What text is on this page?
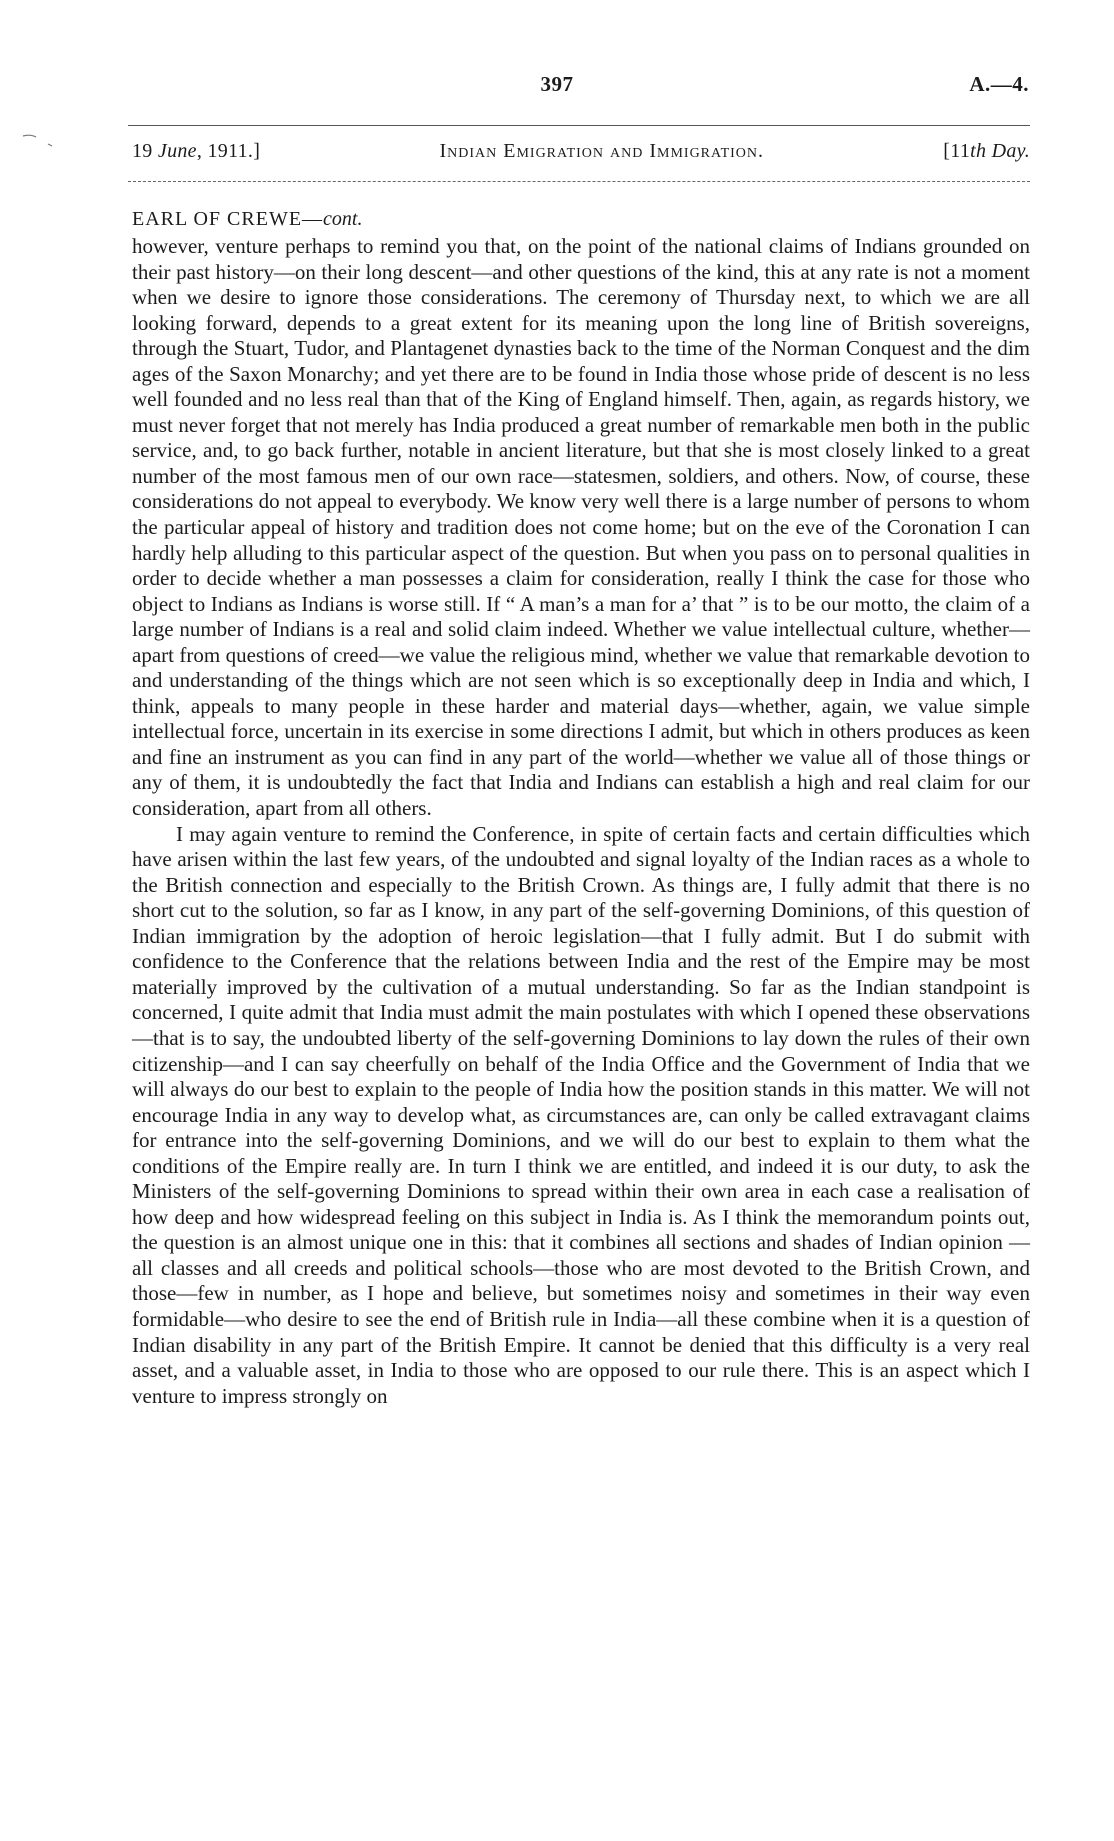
397	A.—4.
19 June, 1911.]	Indian Emigration and Immigration.	[11th Day.
EARL OF CREWE—cont.

however, venture perhaps to remind you that, on the point of the national claims of Indians grounded on their past history—on their long descent—and other questions of the kind, this at any rate is not a moment when we desire to ignore those considerations. The ceremony of Thursday next, to which we are all looking forward, depends to a great extent for its meaning upon the long line of British sovereigns, through the Stuart, Tudor, and Plantagenet dynasties back to the time of the Norman Conquest and the dim ages of the Saxon Monarchy; and yet there are to be found in India those whose pride of descent is no less well founded and no less real than that of the King of England himself. Then, again, as regards history, we must never forget that not merely has India produced a great number of remarkable men both in the public service, and, to go back further, notable in ancient literature, but that she is most closely linked to a great number of the most famous men of our own race—statesmen, soldiers, and others. Now, of course, these considerations do not appeal to everybody. We know very well there is a large number of persons to whom the particular appeal of history and tradition does not come home; but on the eve of the Coronation I can hardly help alluding to this particular aspect of the question. But when you pass on to personal qualities in order to decide whether a man possesses a claim for consideration, really I think the case for those who object to Indians as Indians is worse still. If “ A man’s a man for a’ that ” is to be our motto, the claim of a large number of Indians is a real and solid claim indeed. Whether we value intellectual culture, whether—apart from questions of creed—we value the religious mind, whether we value that remarkable devotion to and understanding of the things which are not seen which is so exceptionally deep in India and which, I think, appeals to many people in these harder and material days—whether, again, we value simple intellectual force, uncertain in its exercise in some directions I admit, but which in others produces as keen and fine an instrument as you can find in any part of the world—whether we value all of those things or any of them, it is undoubtedly the fact that India and Indians can establish a high and real claim for our consideration, apart from all others.

I may again venture to remind the Conference, in spite of certain facts and certain difficulties which have arisen within the last few years, of the undoubted and signal loyalty of the Indian races as a whole to the British connection and especially to the British Crown. As things are, I fully admit that there is no short cut to the solution, so far as I know, in any part of the self-governing Dominions, of this question of Indian immigration by the adoption of heroic legislation—that I fully admit. But I do submit with confidence to the Conference that the relations between India and the rest of the Empire may be most materially improved by the cultivation of a mutual understanding. So far as the Indian standpoint is concerned, I quite admit that India must admit the main postulates with which I opened these observations—that is to say, the undoubted liberty of the self-governing Dominions to lay down the rules of their own citizenship—and I can say cheerfully on behalf of the India Office and the Government of India that we will always do our best to explain to the people of India how the position stands in this matter. We will not encourage India in any way to develop what, as circumstances are, can only be called extravagant claims for entrance into the self-governing Dominions, and we will do our best to explain to them what the conditions of the Empire really are. In turn I think we are entitled, and indeed it is our duty, to ask the Ministers of the self-governing Dominions to spread within their own area in each case a realisation of how deep and how widespread feeling on this subject in India is. As I think the memorandum points out, the question is an almost unique one in this: that it combines all sections and shades of Indian opinion —all classes and all creeds and political schools—those who are most devoted to the British Crown, and those—few in number, as I hope and believe, but sometimes noisy and sometimes in their way even formidable—who desire to see the end of British rule in India—all these combine when it is a question of Indian disability in any part of the British Empire. It cannot be denied that this difficulty is a very real asset, and a valuable asset, in India to those who are opposed to our rule there. This is an aspect which I venture to impress strongly on
